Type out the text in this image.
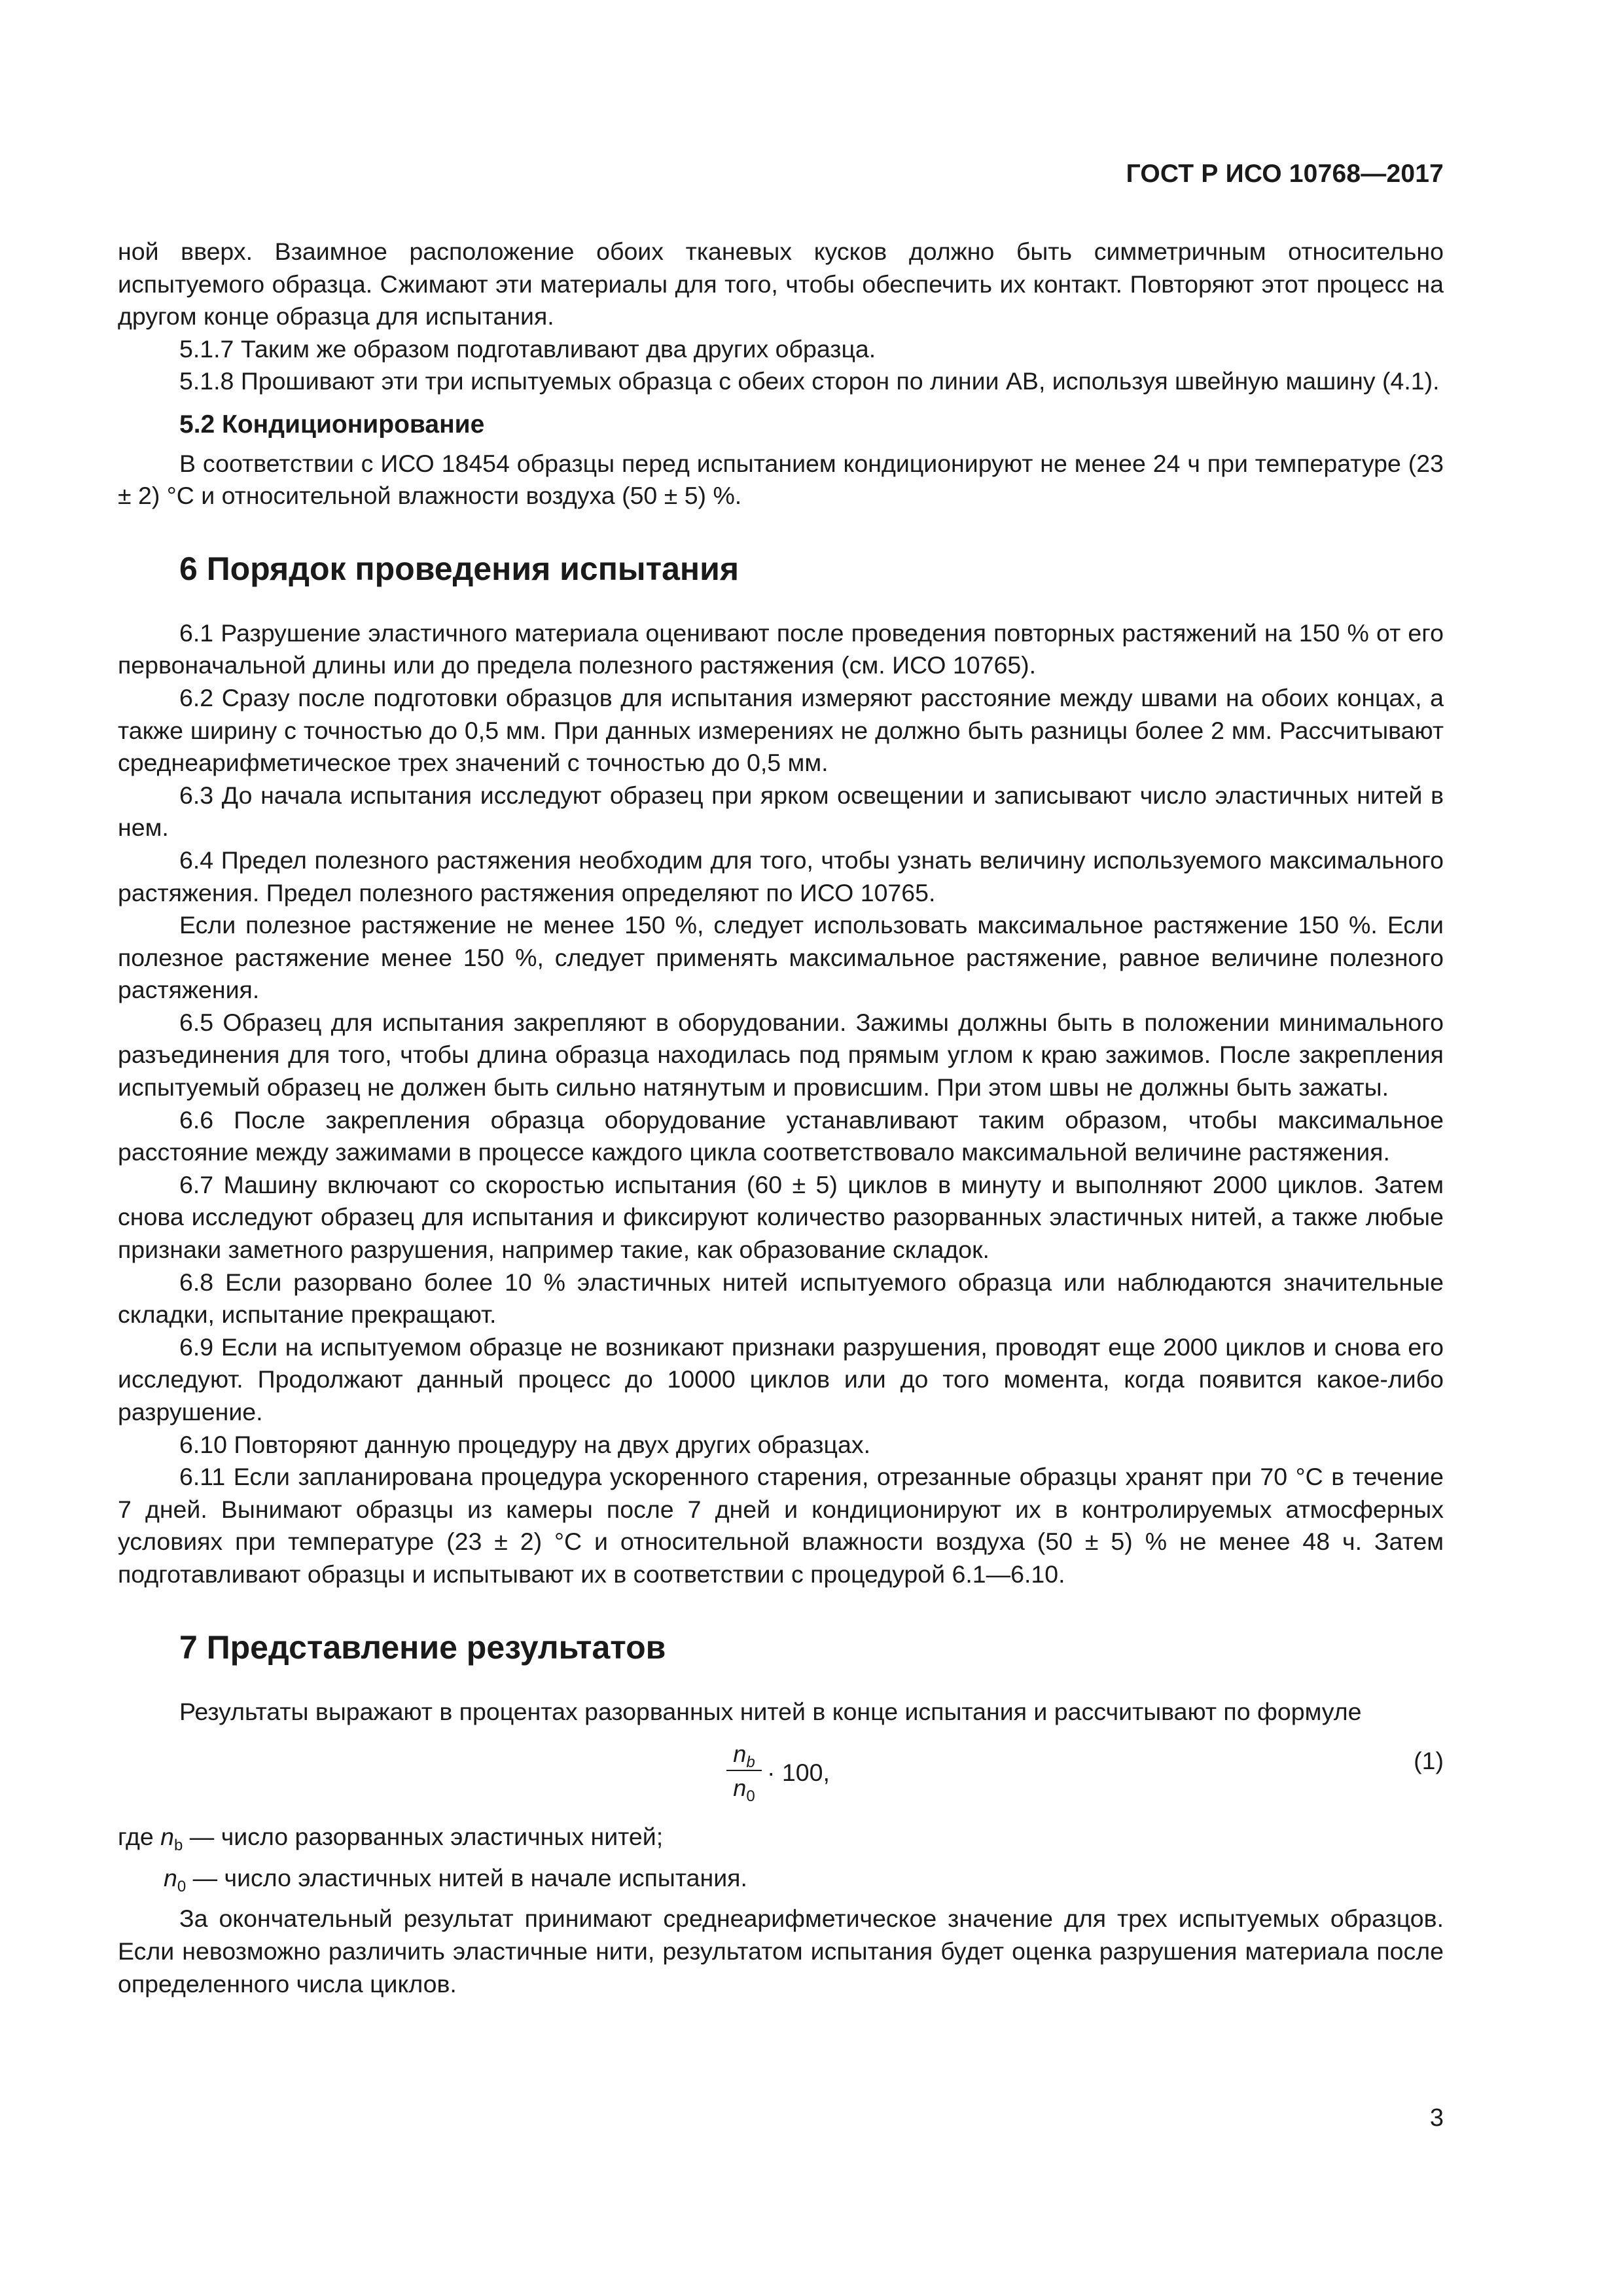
ГОСТ Р ИСО 10768—2017

ной вверх. Взаимное расположение обоих тканевых кусков должно быть симметричным относительно испытуемого образца. Сжимают эти материалы для того, чтобы обеспечить их контакт. Повторяют этот процесс на другом конце образца для испытания.

5.1.7 Таким же образом подготавливают два других образца.

5.1.8 Прошивают эти три испытуемых образца с обеих сторон по линии АВ, используя швейную машину (4.1).

5.2 Кондиционирование

В соответствии с ИСО 18454 образцы перед испытанием кондиционируют не менее 24 ч при температуре (23 ± 2) °С и относительной влажности воздуха (50 ± 5) %.

6 Порядок проведения испытания

6.1 Разрушение эластичного материала оценивают после проведения повторных растяжений на 150 % от его первоначальной длины или до предела полезного растяжения (см. ИСО 10765).

6.2 Сразу после подготовки образцов для испытания измеряют расстояние между швами на обоих концах, а также ширину с точностью до 0,5 мм. При данных измерениях не должно быть разницы более 2 мм. Рассчитывают среднеарифметическое трех значений с точностью до 0,5 мм.

6.3 До начала испытания исследуют образец при ярком освещении и записывают число эластичных нитей в нем.

6.4 Предел полезного растяжения необходим для того, чтобы узнать величину используемого максимального растяжения. Предел полезного растяжения определяют по ИСО 10765.

Если полезное растяжение не менее 150 %, следует использовать максимальное растяжение 150 %. Если полезное растяжение менее 150 %, следует применять максимальное растяжение, равное величине полезного растяжения.

6.5 Образец для испытания закрепляют в оборудовании. Зажимы должны быть в положении минимального разъединения для того, чтобы длина образца находилась под прямым углом к краю зажимов. После закрепления испытуемый образец не должен быть сильно натянутым и провисшим. При этом швы не должны быть зажаты.

6.6 После закрепления образца оборудование устанавливают таким образом, чтобы максимальное расстояние между зажимами в процессе каждого цикла соответствовало максимальной величине растяжения.

6.7 Машину включают со скоростью испытания (60 ± 5) циклов в минуту и выполняют 2000 циклов. Затем снова исследуют образец для испытания и фиксируют количество разорванных эластичных нитей, а также любые признаки заметного разрушения, например такие, как образование складок.

6.8 Если разорвано более 10 % эластичных нитей испытуемого образца или наблюдаются значительные складки, испытание прекращают.

6.9 Если на испытуемом образце не возникают признаки разрушения, проводят еще 2000 циклов и снова его исследуют. Продолжают данный процесс до 10000 циклов или до того момента, когда появится какое-либо разрушение.

6.10 Повторяют данную процедуру на двух других образцах.

6.11 Если запланирована процедура ускоренного старения, отрезанные образцы хранят при 70 °С в течение 7 дней. Вынимают образцы из камеры после 7 дней и кондиционируют их в контролируемых атмосферных условиях при температуре (23 ± 2) °С и относительной влажности воздуха (50 ± 5) % не менее 48 ч. Затем подготавливают образцы и испытывают их в соответствии с процедурой 6.1—6.10.

7 Представление результатов

Результаты выражают в процентах разорванных нитей в конце испытания и рассчитывают по формуле

$n_b$
$n_0$
· 100,	(1)

где $n_b$ — число разорванных эластичных нитей;

$n_0$ — число эластичных нитей в начале испытания.

За окончательный результат принимают среднеарифметическое значение для трех испытуемых образцов. Если невозможно различить эластичные нити, результатом испытания будет оценка разрушения материала после определенного числа циклов.

3
